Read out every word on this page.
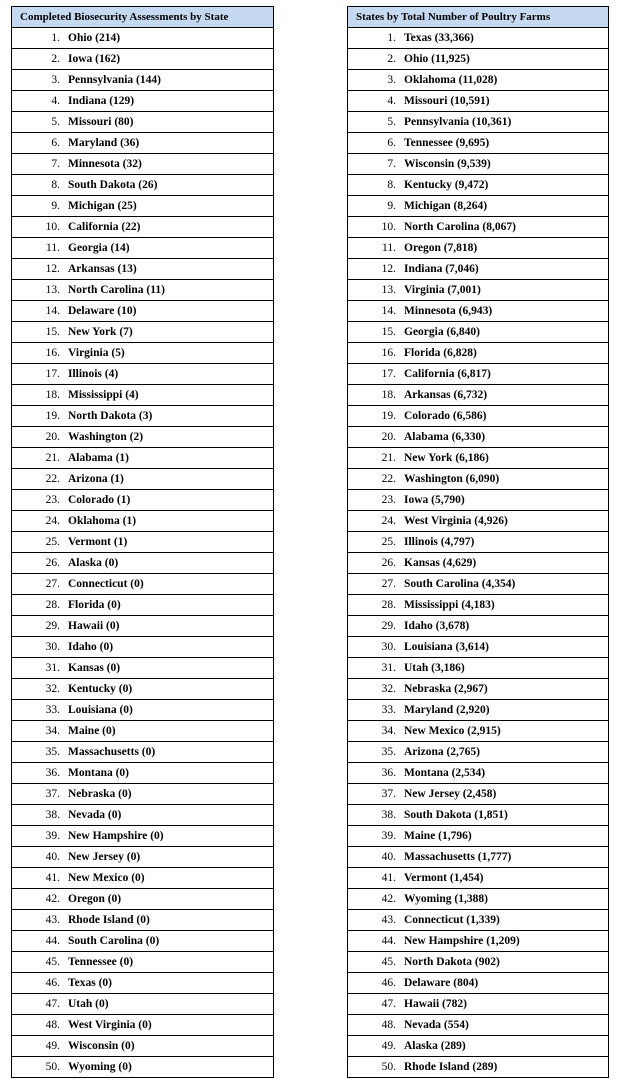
Completed Biosecurity Assessments by State
1. Ohio (214)
2. Iowa (162)
3. Pennsylvania (144)
4. Indiana (129)
5. Missouri (80)
6. Maryland (36)
7. Minnesota (32)
8. South Dakota (26)
9. Michigan (25)
10. California (22)
11. Georgia (14)
12. Arkansas (13)
13. North Carolina (11)
14. Delaware (10)
15. New York (7)
16. Virginia (5)
17. Illinois (4)
18. Mississippi (4)
19. North Dakota (3)
20. Washington (2)
21. Alabama (1)
22. Arizona (1)
23. Colorado (1)
24. Oklahoma (1)
25. Vermont (1)
26. Alaska (0)
27. Connecticut (0)
28. Florida (0)
29. Hawaii (0)
30. Idaho (0)
31. Kansas (0)
32. Kentucky (0)
33. Louisiana (0)
34. Maine (0)
35. Massachusetts (0)
36. Montana (0)
37. Nebraska (0)
38. Nevada (0)
39. New Hampshire (0)
40. New Jersey (0)
41. New Mexico (0)
42. Oregon (0)
43. Rhode Island (0)
44. South Carolina (0)
45. Tennessee (0)
46. Texas (0)
47. Utah (0)
48. West Virginia (0)
49. Wisconsin (0)
50. Wyoming (0)
States by Total Number of Poultry Farms
1. Texas (33,366)
2. Ohio (11,925)
3. Oklahoma (11,028)
4. Missouri (10,591)
5. Pennsylvania (10,361)
6. Tennessee (9,695)
7. Wisconsin (9,539)
8. Kentucky (9,472)
9. Michigan (8,264)
10. North Carolina (8,067)
11. Oregon (7,818)
12. Indiana (7,046)
13. Virginia (7,001)
14. Minnesota (6,943)
15. Georgia (6,840)
16. Florida (6,828)
17. California (6,817)
18. Arkansas (6,732)
19. Colorado (6,586)
20. Alabama (6,330)
21. New York (6,186)
22. Washington (6,090)
23. Iowa (5,790)
24. West Virginia (4,926)
25. Illinois (4,797)
26. Kansas (4,629)
27. South Carolina (4,354)
28. Mississippi (4,183)
29. Idaho (3,678)
30. Louisiana (3,614)
31. Utah (3,186)
32. Nebraska (2,967)
33. Maryland (2,920)
34. New Mexico (2,915)
35. Arizona (2,765)
36. Montana (2,534)
37. New Jersey (2,458)
38. South Dakota (1,851)
39. Maine (1,796)
40. Massachusetts (1,777)
41. Vermont (1,454)
42. Wyoming (1,388)
43. Connecticut (1,339)
44. New Hampshire (1,209)
45. North Dakota (902)
46. Delaware (804)
47. Hawaii (782)
48. Nevada (554)
49. Alaska (289)
50. Rhode Island (289)
